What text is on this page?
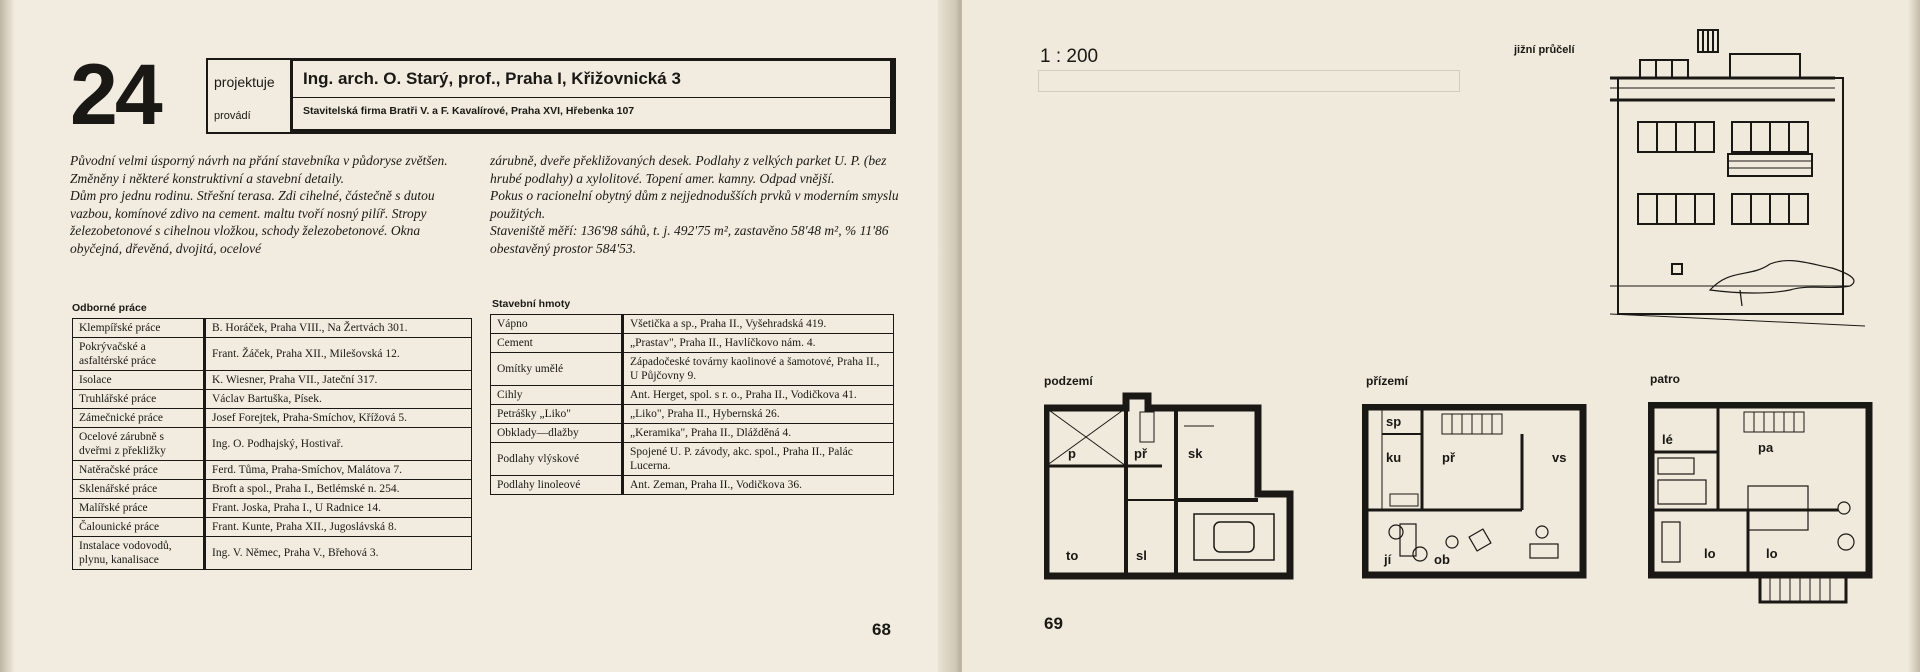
24	projektuje
provádí
Ing. arch. O. Starý, prof., Praha I, Křižovnická 3
Stavitelská firma Bratři V. a F. Kavalírové, Praha XVI, Hřebenka 107
Původní velmi úsporný návrh na přání stavebníka v půdoryse zvětšen. Změněny i některé konstruktivní a stavební detaily.
Dům pro jednu rodinu. Střešní terasa. Zdi cihelné, částečně s dutou vazbou, komínové zdivo na cement. maltu tvoří nosný pilíř. Stropy železobetonové s cihelnou vložkou, schody železobetonové. Okna obyčejná, dřevěná, dvojitá, ocelové
zárubně, dveře překližovaných desek. Podlahy z velkých parket U. P. (bez hrubé podlahy) a xylolitové. Topení amer. kamny. Odpad vnější.
Pokus o racionelní obytný dům z nejjednodušších prvků v moderním smyslu použitých.
Staveniště měří: 136'98 sáhů, t. j. 492'75 m², zastavěno 58'48 m², % 11'86 obestavěný prostor 584'53.
Odborné práce
Klempířské práce	B. Horáček, Praha VIII., Na Žertvách 301.
Pokrývačské a asfaltérské práce	Frant. Žáček, Praha XII., Milešovská 12.
Isolace	K. Wiesner, Praha VII., Jateční 317.
Truhlářské práce	Václav Bartuška, Písek.
Zámečnické práce	Josef Forejtek, Praha-Smíchov, Křížová 5.
Ocelové zárubně s dveřmi z překližky	Ing. O. Podhajský, Hostivař.
Natěračské práce	Ferd. Tůma, Praha-Smíchov, Malátova 7.
Sklenářské práce	Broft a spol., Praha I., Betlémské n. 254.
Malířské práce	Frant. Joska, Praha I., U Radnice 14.
Čalounické práce	Frant. Kunte, Praha XII., Jugoslávská 8.
Instalace vodovodů, plynu, kanalisace	Ing. V. Němec, Praha V., Břehová 3.
Stavební hmoty
Vápno	Všetička a sp., Praha II., Vyšehradská 419.
Cement	„Prastav", Praha II., Havlíčkovo nám. 4.
Omítky umělé	Západočeské továrny kaolinové a šamotové, Praha II., U Půjčovny 9.
Cihly	Ant. Herget, spol. s r. o., Praha II., Vodičkova 41.
Petrášky „Liko"	„Liko", Praha II., Hybernská 26.
Obklady—dlažby	„Keramika", Praha II., Dlážděná 4.
Podlahy vlýskové	Spojené U. P. závody, akc. spol., Praha II., Palác Lucerna.
Podlahy linoleové	Ant. Zeman, Praha II., Vodičkova 36.
68
1 : 200	jižní průčelí
podzemí	přízemí	patro
p	př	sk
to	sl
sp
ku	př	vs
jí	ob
lé
pa
lo	lo
69
